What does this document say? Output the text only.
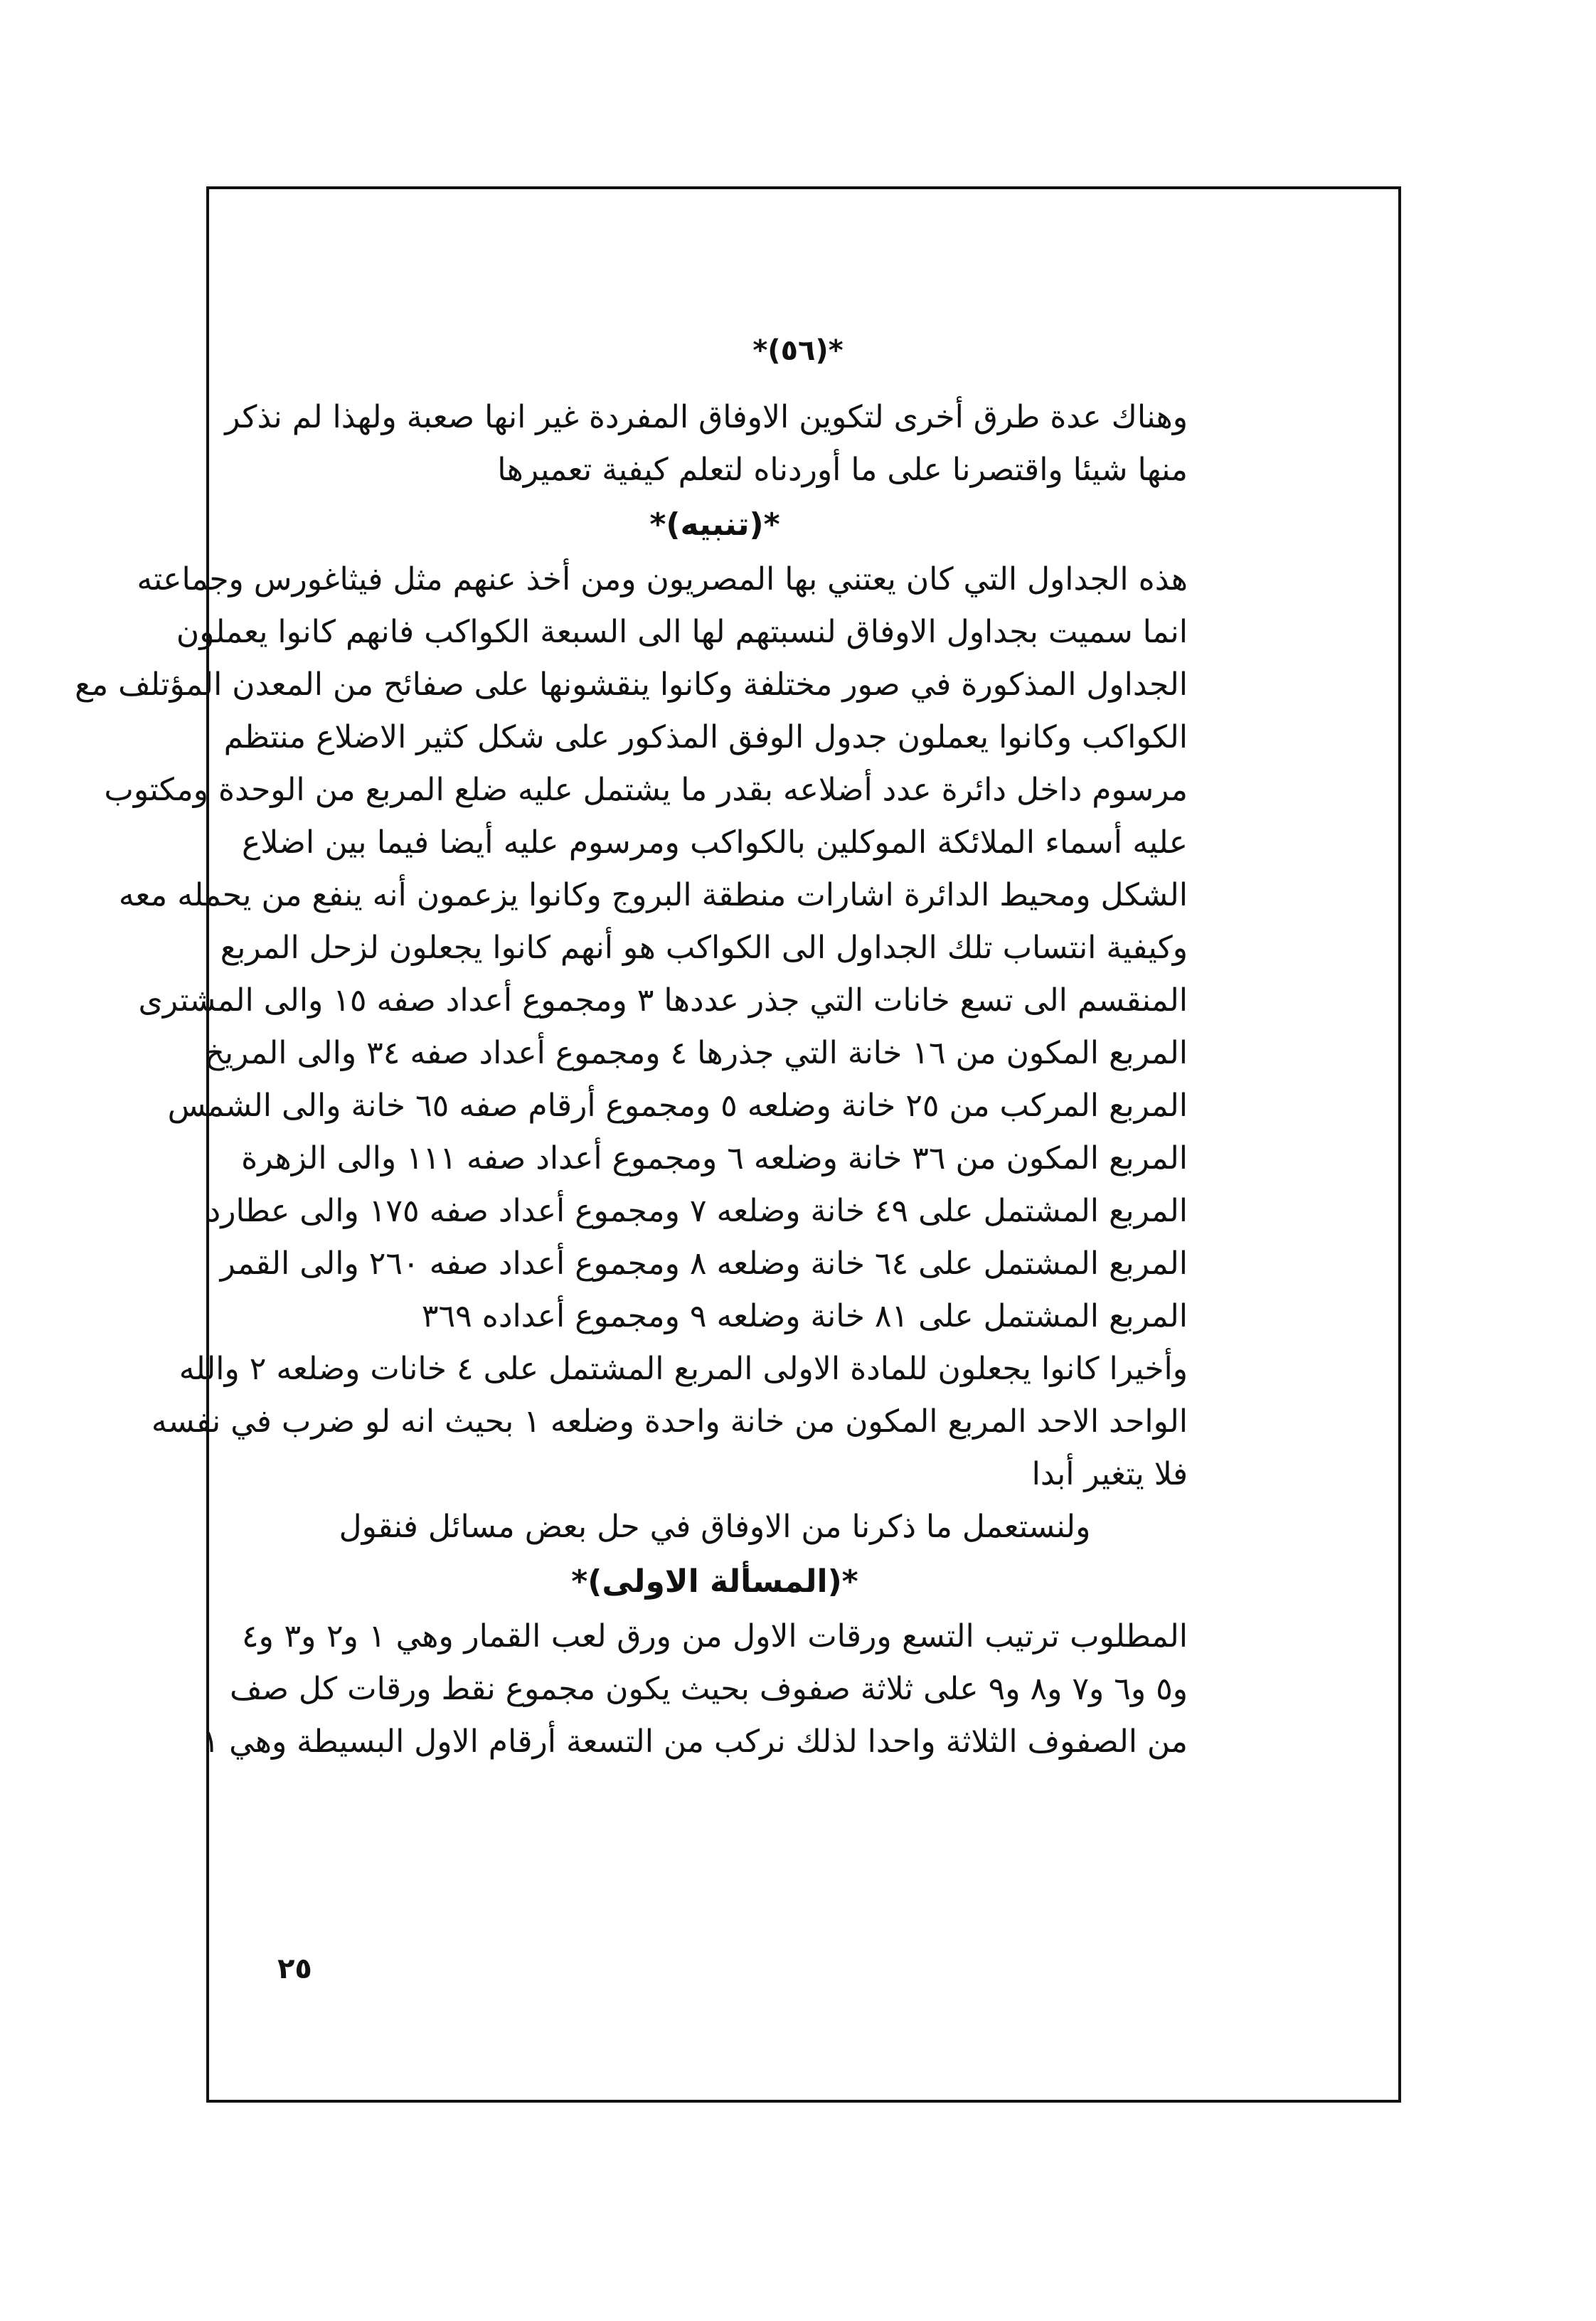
*(٥٦)*
وهناك عدة طرق أخرى لتكوين الاوفاق المفردة غير انها صعبة ولهذا لم نذكر
منها شيئا واقتصرنا على ما أوردناه لتعلم كيفية تعميرها
*(تنبيه)*
هذه الجداول التي كان يعتني بها المصريون ومن أخذ عنهم مثل فيثاغورس وجماعته
انما سميت بجداول الاوفاق لنسبتهم لها الى السبعة الكواكب فانهم كانوا يعملون
الجداول المذكورة في صور مختلفة وكانوا ينقشونها على صفائح من المعدن المؤتلف مع
الكواكب وكانوا يعملون جدول الوفق المذكور على شكل كثير الاضلاع منتظم
مرسوم داخل دائرة عدد أضلاعه بقدر ما يشتمل عليه ضلع المربع من الوحدة ومكتوب
عليه أسماء الملائكة الموكلين بالكواكب ومرسوم عليه أيضا فيما بين اضلاع
الشكل ومحيط الدائرة اشارات منطقة البروج وكانوا يزعمون أنه ينفع من يحمله معه
وكيفية انتساب تلك الجداول الى الكواكب هو أنهم كانوا يجعلون لزحل المربع
المنقسم الى تسع خانات التي جذر عددها ٣ ومجموع أعداد صفه ١٥ والى المشترى
المربع المكون من ١٦ خانة التي جذرها ٤ ومجموع أعداد صفه ٣٤ والى المريخ
المربع المركب من ٢٥ خانة وضلعه ٥ ومجموع أرقام صفه ٦٥ خانة والى الشمس
المربع المكون من ٣٦ خانة وضلعه ٦ ومجموع أعداد صفه ١١١ والى الزهرة
المربع المشتمل على ٤٩ خانة وضلعه ٧ ومجموع أعداد صفه ١٧٥ والى عطارد
المربع المشتمل على ٦٤ خانة وضلعه ٨ ومجموع أعداد صفه ٢٦٠ والى القمر
المربع المشتمل على ٨١ خانة وضلعه ٩ ومجموع أعداده ٣٦٩
وأخيرا كانوا يجعلون للمادة الاولى المربع المشتمل على ٤ خانات وضلعه ٢ والله
الواحد الاحد المربع المكون من خانة واحدة وضلعه ١ بحيث انه لو ضرب في نفسه
فلا يتغير أبدا
ولنستعمل ما ذكرنا من الاوفاق في حل بعض مسائل فنقول
*(المسألة الاولى)*
المطلوب ترتيب التسع ورقات الاول من ورق لعب القمار وهي ١ و٢ و٣ و٤
و٥ و٦ و٧ و٨ و٩ على ثلاثة صفوف بحيث يكون مجموع نقط ورقات كل صف
من الصفوف الثلاثة واحدا لذلك نركب من التسعة أرقام الاول البسيطة وهي ١
٢٥
